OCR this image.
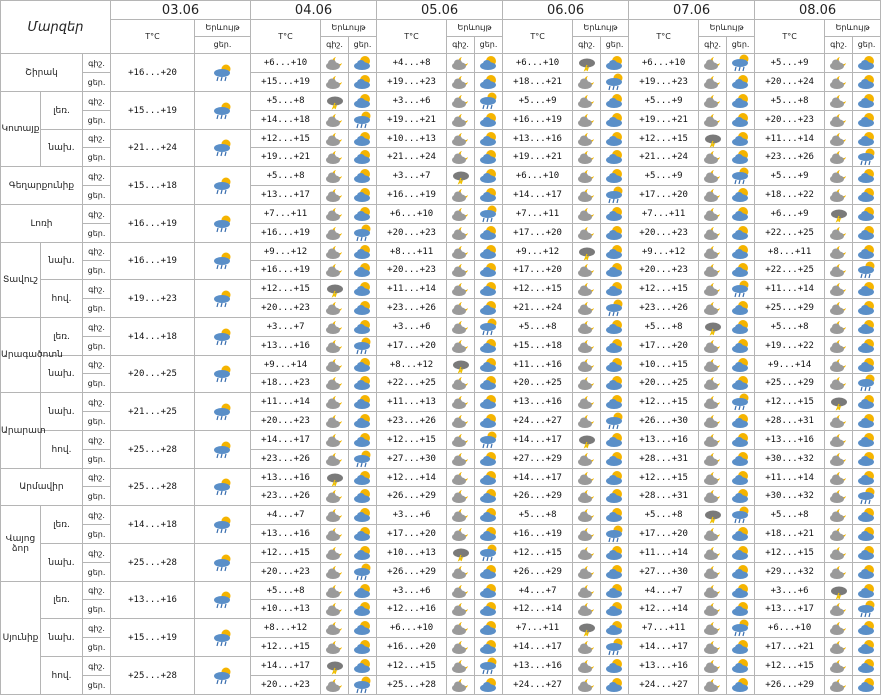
Մարզեր			03.06		04.06			05.06			06.06			07.06			08.06		
			T°C	Երևույթ	T°C	Երևույթ		T°C	Երևույթ		T°C	Երևույթ		T°C	Երևույթ		T°C	Երևույթ	
				ցեր.		գիշ.	ցեր.		գիշ.	ցեր.		գիշ.	ցեր.		գիշ.	ցեր.		գիշ.	ցեր.
Շիրակ		գիշ.	+16...+20		+6...+10			+4...+8			+6...+10			+6...+10			+5...+9	

		ցեր.			+15...+19			+19...+23			+18...+21			+19...+23			+20...+24	

Կոտայք	լեռ.	գիշ.	+15...+19		+5...+8			+3...+6			+5...+9			+5...+9			+5...+8	

		ցեր.			+14...+18			+19...+21			+16...+19			+19...+21			+20...+23	

	նախ.	գիշ.	+21...+24		+12...+15			+10...+13			+13...+16			+12...+15			+11...+14	

		ցեր.			+19...+21			+21...+24			+19...+21			+21...+24			+23...+26	

Գեղարքունիք		գիշ.	+15...+18		+5...+8			+3...+7			+6...+10			+5...+9			+5...+9	

		ցեր.			+13...+17			+16...+19			+14...+17			+17...+20			+18...+22	

Լոռի		գիշ.	+16...+19		+7...+11			+6...+10			+7...+11			+7...+11			+6...+9	

		ցեր.			+16...+19			+20...+23			+17...+20			+20...+23			+22...+25	

Տավուշ	նախ.	գիշ.	+16...+19		+9...+12			+8...+11			+9...+12			+9...+12			+8...+11	

		ցեր.			+16...+19			+20...+23			+17...+20			+20...+23			+22...+25	

	հով.	գիշ.	+19...+23		+12...+15			+11...+14			+12...+15			+12...+15			+11...+14	

		ցեր.			+20...+23			+23...+26			+21...+24			+23...+26			+25...+29	

Արագածոտն	լեռ.	գիշ.	+14...+18		+3...+7			+3...+6			+5...+8			+5...+8			+5...+8	

		ցեր.			+13...+16			+17...+20			+15...+18			+17...+20			+19...+22	

	նախ.	գիշ.	+20...+25		+9...+14			+8...+12			+11...+16			+10...+15			+9...+14	

		ցեր.			+18...+23			+22...+25			+20...+25			+20...+25			+25...+29	

Արարատ	նախ.	գիշ.	+21...+25		+11...+14			+11...+13			+13...+16			+12...+15			+12...+15	

		ցեր.			+20...+23			+23...+26			+24...+27			+26...+30			+28...+31	

	հով.	գիշ.	+25...+28		+14...+17			+12...+15			+14...+17			+13...+16			+13...+16	

		ցեր.			+23...+26			+27...+30			+27...+29			+28...+31			+30...+32	

Արմավիր		գիշ.	+25...+28		+13...+16			+12...+14			+14...+17			+12...+15			+11...+14	

		ցեր.			+23...+26			+26...+29			+26...+29			+28...+31			+30...+32	

Վայոց ձոր	լեռ.	գիշ.	+14...+18		+4...+7			+3...+6			+5...+8			+5...+8			+5...+8	

		ցեր.			+13...+16			+17...+20			+16...+19			+17...+20			+18...+21	

	նախ.	գիշ.	+25...+28		+12...+15			+10...+13			+12...+15			+11...+14			+12...+15	

		ցեր.			+20...+23			+26...+29			+26...+29			+27...+30			+29...+32	

Սյունիք	լեռ.	գիշ.	+13...+16		+5...+8			+3...+6			+4...+7			+4...+7			+3...+6	

		ցեր.			+10...+13			+12...+16			+12...+14			+12...+14			+13...+17	

	նախ.	գիշ.	+15...+19		+8...+12			+6...+10			+7...+11			+7...+11			+6...+10	

		ցեր.			+12...+15			+16...+20			+14...+17			+14...+17			+17...+21	

	հով.	գիշ.	+25...+28		+14...+17			+12...+15			+13...+16			+13...+16			+12...+15	

		ցեր.			+20...+23			+25...+28			+24...+27			+24...+27			+26...+29	
